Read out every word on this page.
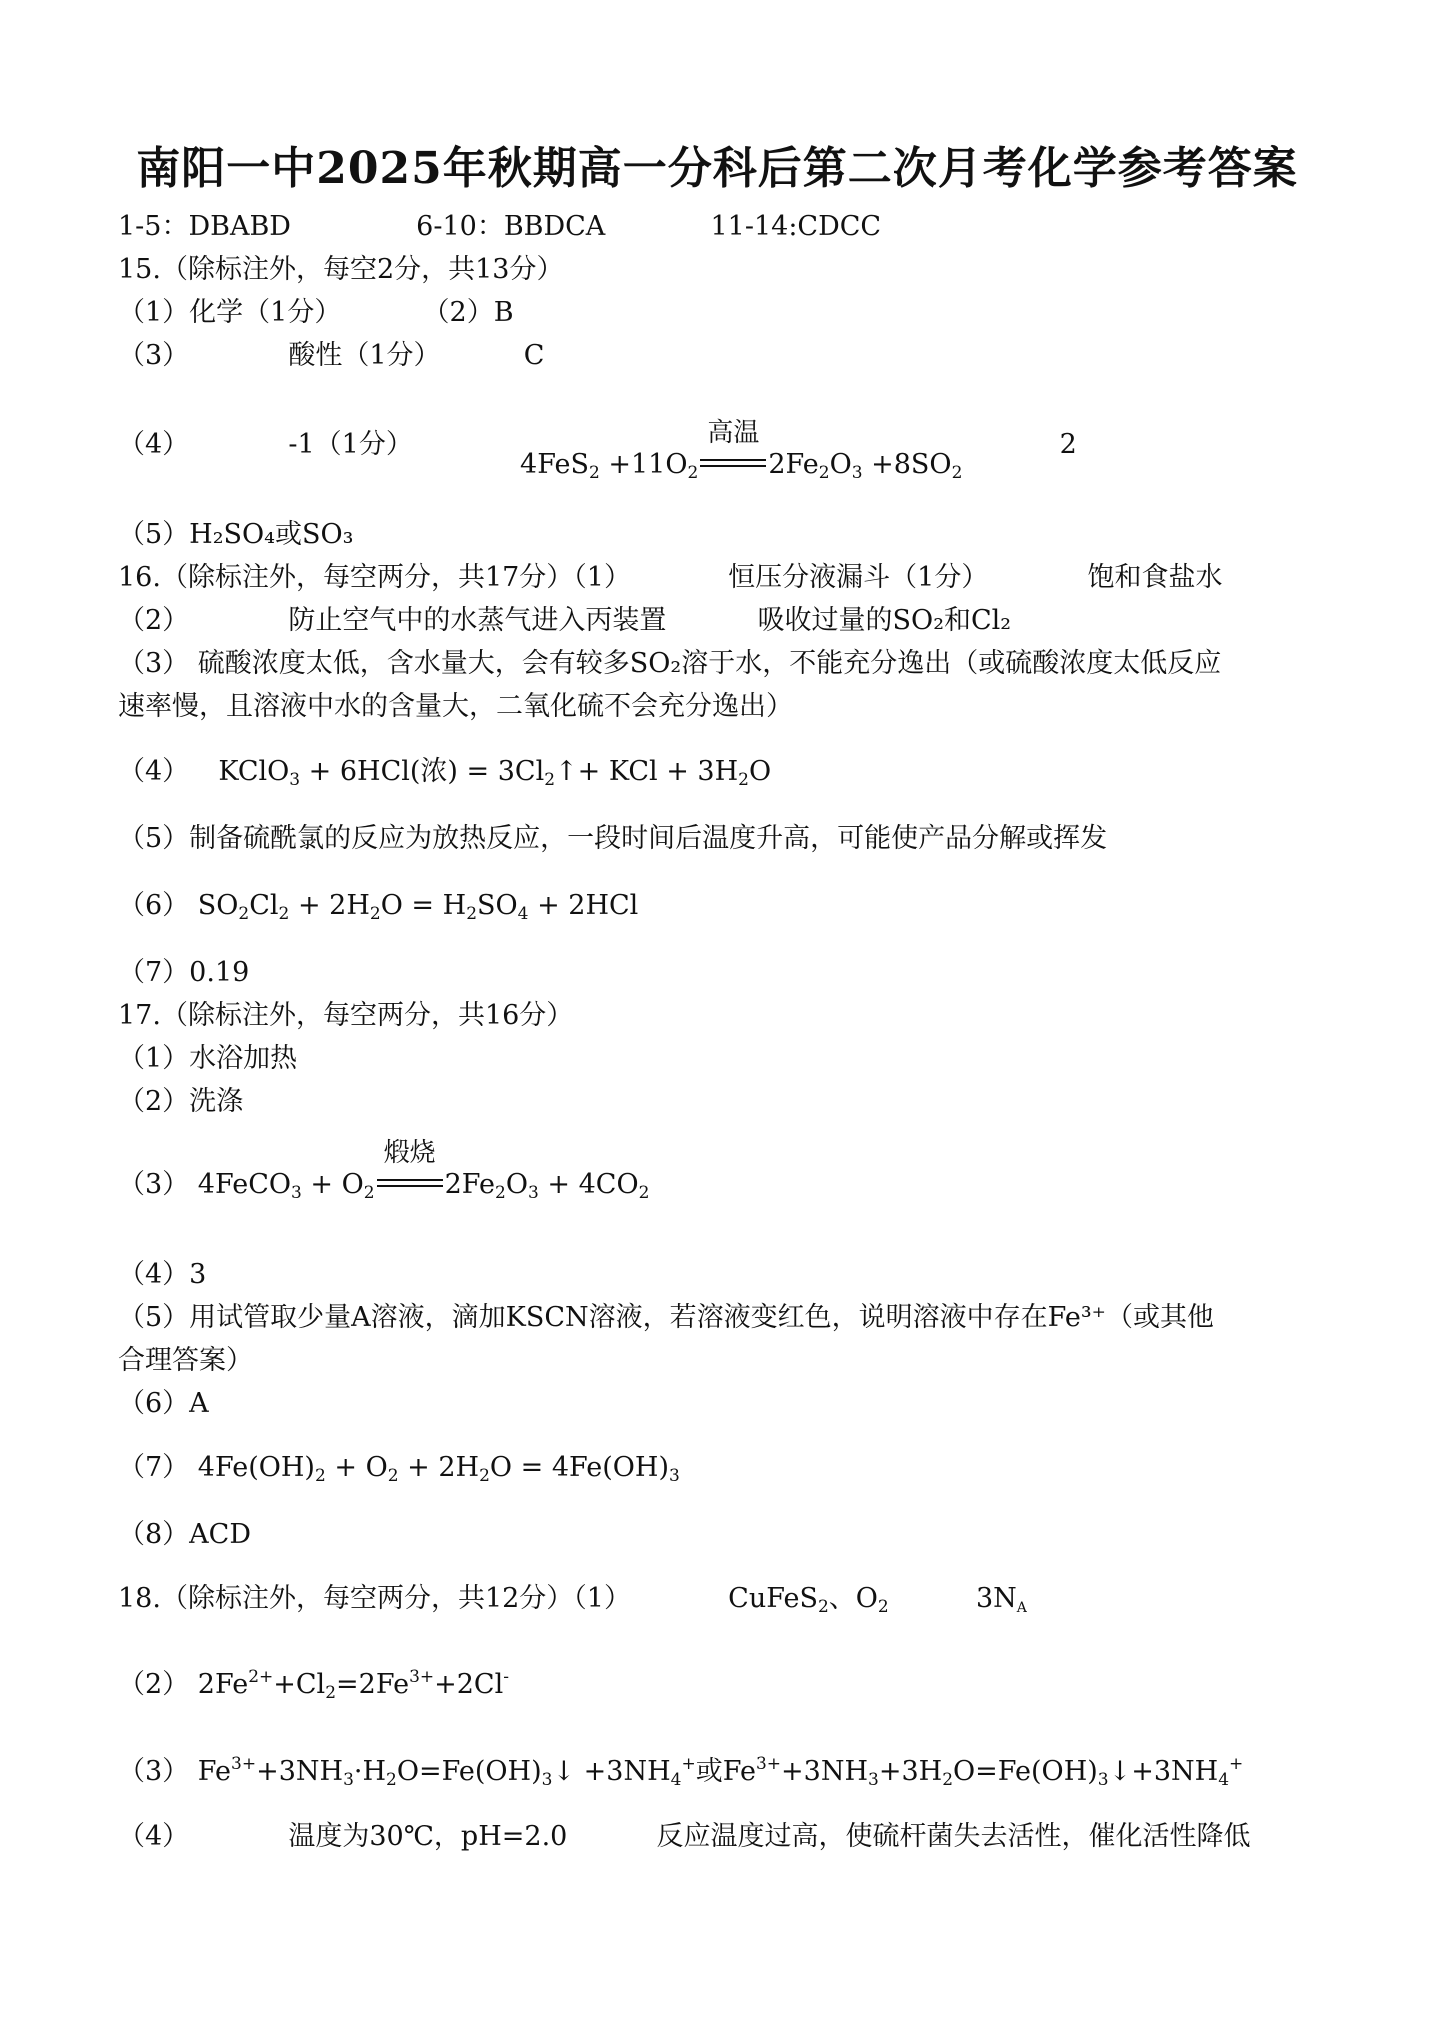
南阳一中2025年秋期高一分科后第二次月考化学参考答案
1-5：DBABD	6-10：BBDCA	11-14:CDCC
15.（除标注外，每空2分，共13分）
（1）化学（1分）	（2）B
（3）	酸性（1分）	C
（4）	-1（1分）  $4FeS_2 +11O_2$
高温
$2Fe_2O_3 +8SO_2$  2
（5）H₂SO₄或SO₃
16.（除标注外，每空两分，共17分）（1）	恒压分液漏斗（1分）	饱和食盐水
（2）	防止空气中的水蒸气进入丙装置	吸收过量的SO₂和Cl₂
（3） 硫酸浓度太低，含水量大，会有较多SO₂溶于水，不能充分逸出（或硫酸浓度太低反应
速率慢，且溶液中水的含量大，二氧化硫不会充分逸出）
（4） KClO$_3$ + 6HCl(浓) = $3Cl_2↑+$ KCl + $3H_2O$
（5）制备硫酰氯的反应为放热反应，一段时间后温度升高，可能使产品分解或挥发
（6） $SO_2Cl_2 + 2H_2O = H_2SO_4 + 2HCl$
（7）0.19
17.（除标注外，每空两分，共16分）
（1）水浴加热
（2）洗涤
（3） 4FeCO$_3$ + $O_2$
煅烧
$2Fe_2O_3 + 4CO_2$
（4）3
（5）用试管取少量A溶液，滴加KSCN溶液，若溶液变红色，说明溶液中存在Fe³⁺（或其他
合理答案）
（6）A
（7） $4Fe(OH)_2 + O_2 + 2H_2O = 4Fe(OH)_3$
（8）ACD
18.（除标注外，每空两分，共12分）（1）	CuFeS$_2$、$O_2$	$3N_A$
（2） $2Fe^{2+}+Cl_2=2Fe^{3+}+2Cl^-$
（3） $Fe^{3+}+3NH_3\cdot H_2O=Fe(OH)_3↓ +3NH_4^+$或$Fe^{3+}+3NH_3+3H_2O=Fe(OH)_3↓+3NH_4^+$
（4）	温度为30℃，pH=2.0	反应温度过高，使硫杆菌失去活性，催化活性降低
